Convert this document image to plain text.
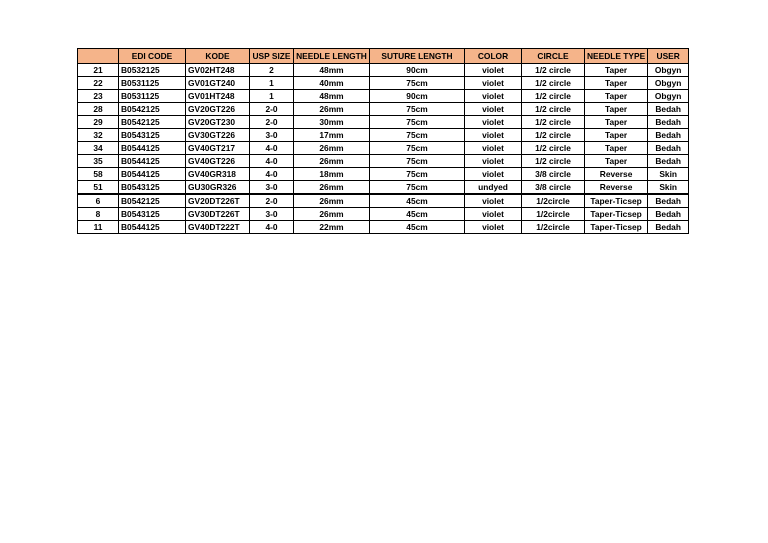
	EDI CODE	KODE	USP SIZE	NEEDLE LENGTH	SUTURE LENGTH	COLOR	CIRCLE	NEEDLE TYPE	USER
21	B0532125	GV02HT248	2	48mm	90cm	violet	1/2 circle	Taper	Obgyn
22	B0531125	GV01GT240	1	40mm	75cm	violet	1/2 circle	Taper	Obgyn
23	B0531125	GV01HT248	1	48mm	90cm	violet	1/2 circle	Taper	Obgyn
28	B0542125	GV20GT226	2-0	26mm	75cm	violet	1/2 circle	Taper	Bedah
29	B0542125	GV20GT230	2-0	30mm	75cm	violet	1/2 circle	Taper	Bedah
32	B0543125	GV30GT226	3-0	17mm	75cm	violet	1/2 circle	Taper	Bedah
34	B0544125	GV40GT217	4-0	26mm	75cm	violet	1/2 circle	Taper	Bedah
35	B0544125	GV40GT226	4-0	26mm	75cm	violet	1/2 circle	Taper	Bedah
58	B0544125	GV40GR318	4-0	18mm	75cm	violet	3/8 circle	Reverse	Skin
51	B0543125	GU30GR326	3-0	26mm	75cm	undyed	3/8 circle	Reverse	Skin
6	B0542125	GV20DT226T	2-0	26mm	45cm	violet	1/2circle	Taper-Ticsep	Bedah
8	B0543125	GV30DT226T	3-0	26mm	45cm	violet	1/2circle	Taper-Ticsep	Bedah
11	B0544125	GV40DT222T	4-0	22mm	45cm	violet	1/2circle	Taper-Ticsep	Bedah
